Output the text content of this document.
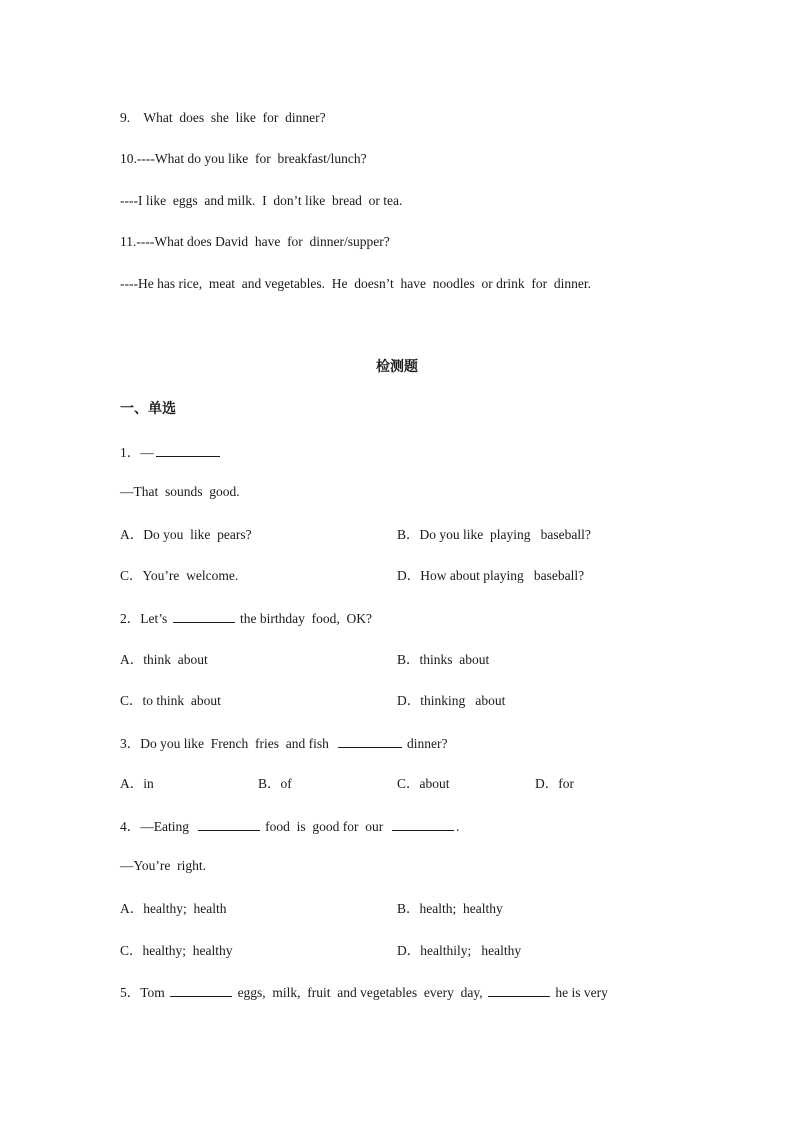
9.    What  does  she  like  for  dinner?
10.----What do you like  for  breakfast/lunch?
----I like  eggs  and milk.  I  don’t like  bread  or tea.
11.----What does David  have  for  dinner/supper?
----He has rice,  meat  and vegetables.  He  doesn’t  have  noodles  or drink  for  dinner.
检测题
一、单选
1．—
—That  sounds  good.
A．Do you  like  pears?	B．Do you like  playing   baseball?
C．You’re  welcome.	D．How about playing   baseball?
2．Let’s	the birthday  food,  OK?
A．think  about	B．thinks  about
C．to think  about	D．thinking   about
3．Do you like  French  fries  and fish	dinner?
A．in	B．of	C．about	D．for
4．—Eating	food  is  good for  our	.
—You’re  right.
A．healthy;  health	B．health;  healthy
C．healthy;  healthy	D．healthily;   healthy
5．Tom	eggs,  milk,  fruit  and vegetables  every  day,	he is very
